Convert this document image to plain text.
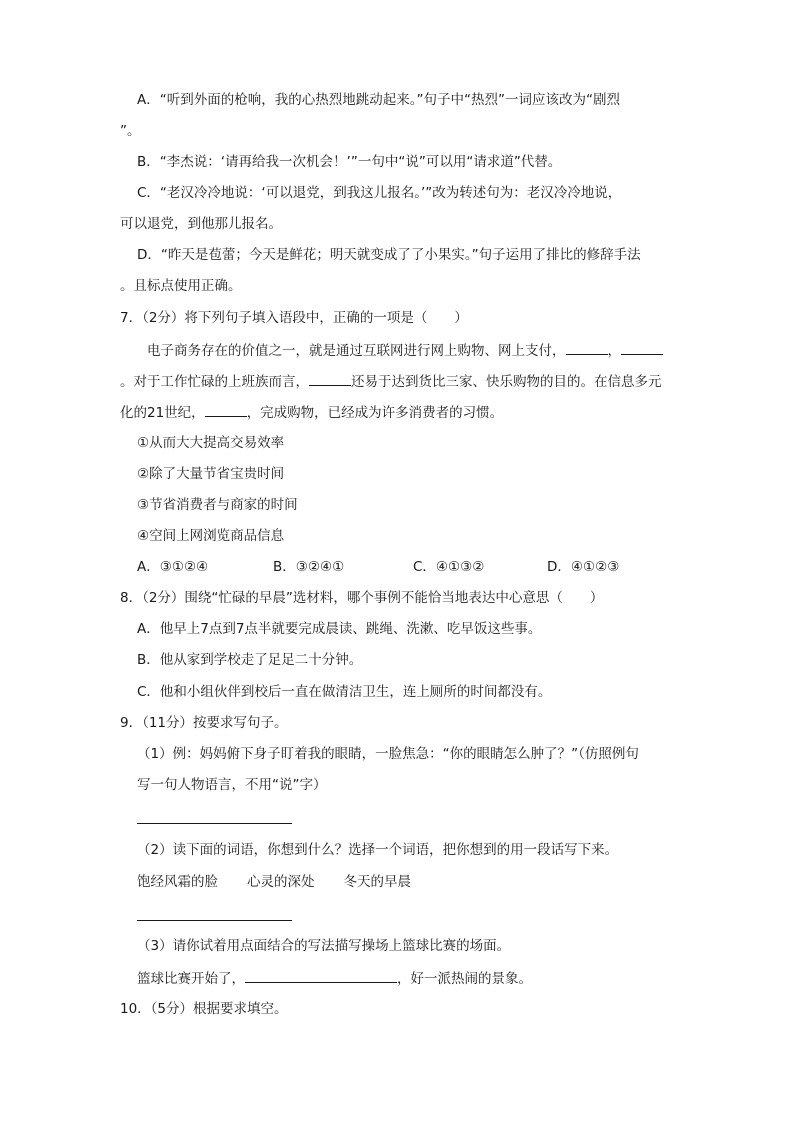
A．“听到外面的枪响，我的心热烈地跳动起来。”句子中“热烈”一词应该改为“剧烈
”。
B．“李杰说：‘请再给我一次机会！’”一句中“说”可以用“请求道”代替。
C．“老汉冷冷地说：‘可以退党，到我这儿报名。’”改为转述句为：老汉冷冷地说，
可以退党，到他那儿报名。
D．“昨天是苞蕾；今天是鲜花；明天就变成了了小果实。”句子运用了排比的修辞手法
。且标点使用正确。
7．（2分）将下列句子填入语段中，正确的一项是（　　）
电子商务存在的价值之一，就是通过互联网进行网上购物、网上支付，	，
。对于工作忙碌的上班族而言，	还易于达到货比三家、快乐购物的目的。在信息多元
化的21世纪，	，完成购物，已经成为许多消费者的习惯。
①从而大大提高交易效率
②除了大量节省宝贵时间
③节省消费者与商家的时间
④空间上网浏览商品信息
A．③①②④	B．③②④①	C．④①③②	D．④①②③
8．（2分）围绕“忙碌的早晨”选材料，哪个事例不能恰当地表达中心意思（　　）
A．他早上7点到7点半就要完成晨读、跳绳、洗漱、吃早饭这些事。
B．他从家到学校走了足足二十分钟。
C．他和小组伙伴到校后一直在做清洁卫生，连上厕所的时间都没有。
9．（11分）按要求写句子。
（1）例：妈妈俯下身子盯着我的眼睛，一脸焦急：“你的眼睛怎么肿了？”（仿照例句
写一句人物语言，不用“说”字）
（2）读下面的词语，你想到什么？选择一个词语，把你想到的用一段话写下来。
饱经风霜的脸 心灵的深处 冬天的早晨
（3）请你试着用点面结合的写法描写操场上篮球比赛的场面。
篮球比赛开始了，	，好一派热闹的景象。
10．（5分）根据要求填空。
